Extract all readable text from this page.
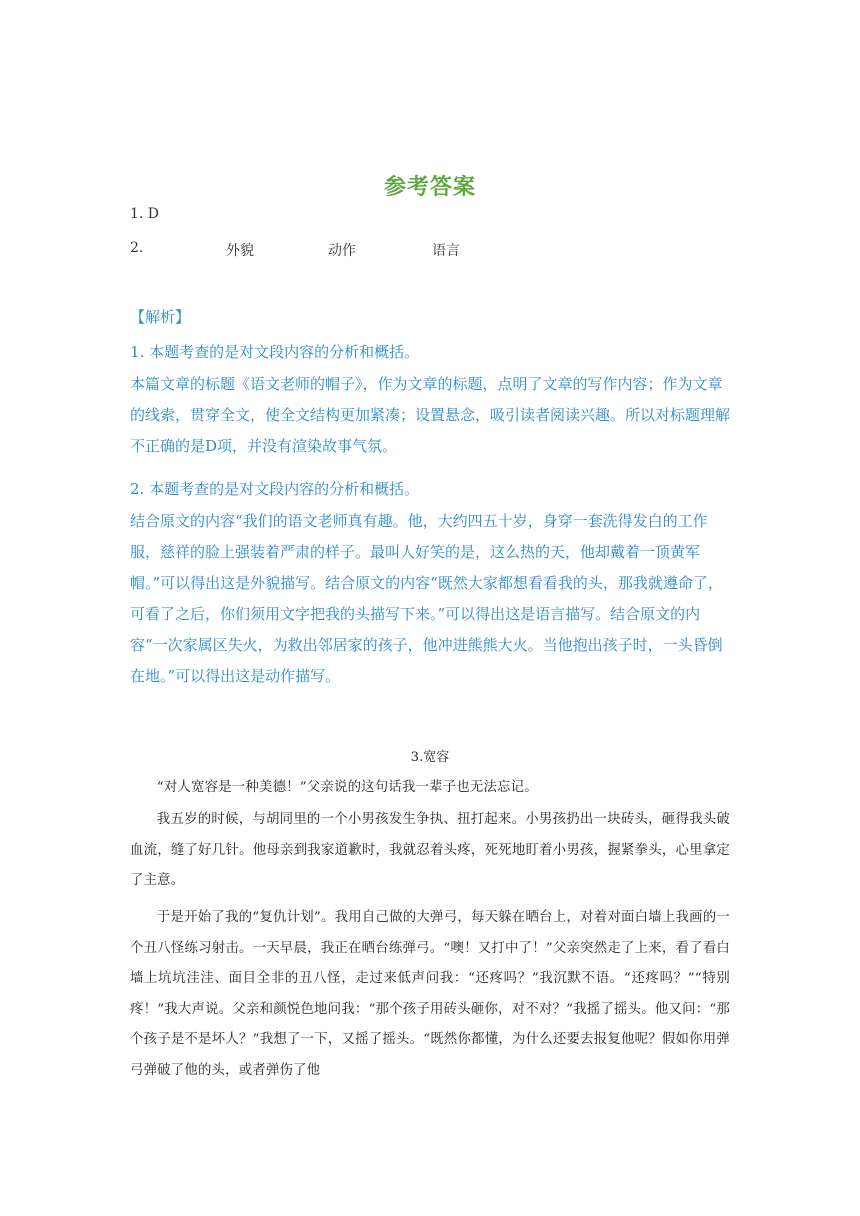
参考答案
1. D
2.	外貌	动作	语言
【解析】
1. 本题考查的是对文段内容的分析和概括。
本篇文章的标题《语文老师的帽子》，作为文章的标题，点明了文章的写作内容；作为文章的线索，贯穿全文，使全文结构更加紧凑；设置悬念，吸引读者阅读兴趣。所以对标题理解不正确的是D项，并没有渲染故事气氛。
2. 本题考查的是对文段内容的分析和概括。
结合原文的内容“我们的语文老师真有趣。他，大约四五十岁，身穿一套洗得发白的工作服，慈祥的脸上强装着严肃的样子。最叫人好笑的是，这么热的天，他却戴着一顶黄军帽。”可以得出这是外貌描写。结合原文的内容“既然大家都想看看我的头，那我就遵命了，可看了之后，你们须用文字把我的头描写下来。”可以得出这是语言描写。结合原文的内容“一次家属区失火，为救出邻居家的孩子，他冲进熊熊大火。当他抱出孩子时，一头昏倒在地。”可以得出这是动作描写。
3.宽容
“对人宽容是一种美德！”父亲说的这句话我一辈子也无法忘记。
我五岁的时候，与胡同里的一个小男孩发生争执、扭打起来。小男孩扔出一块砖头，砸得我头破血流，缝了好几针。他母亲到我家道歉时，我就忍着头疼，死死地盯着小男孩，握紧拳头，心里拿定了主意。
于是开始了我的“复仇计划”。我用自己做的大弹弓，每天躲在晒台上，对着对面白墙上我画的一个丑八怪练习射击。一天早晨，我正在晒台练弹弓。“噢！又打中了！”父亲突然走了上来，看了看白墙上坑坑洼洼、面目全非的丑八怪，走过来低声问我：“还疼吗？”我沉默不语。“还疼吗？”“特别疼！”我大声说。父亲和颜悦色地问我：“那个孩子用砖头砸你，对不对？”我摇了摇头。他又问：“那个孩子是不是坏人？”我想了一下，又摇了摇头。“既然你都懂，为什么还要去报复他呢？假如你用弹弓弹破了他的头，或者弹伤了他
